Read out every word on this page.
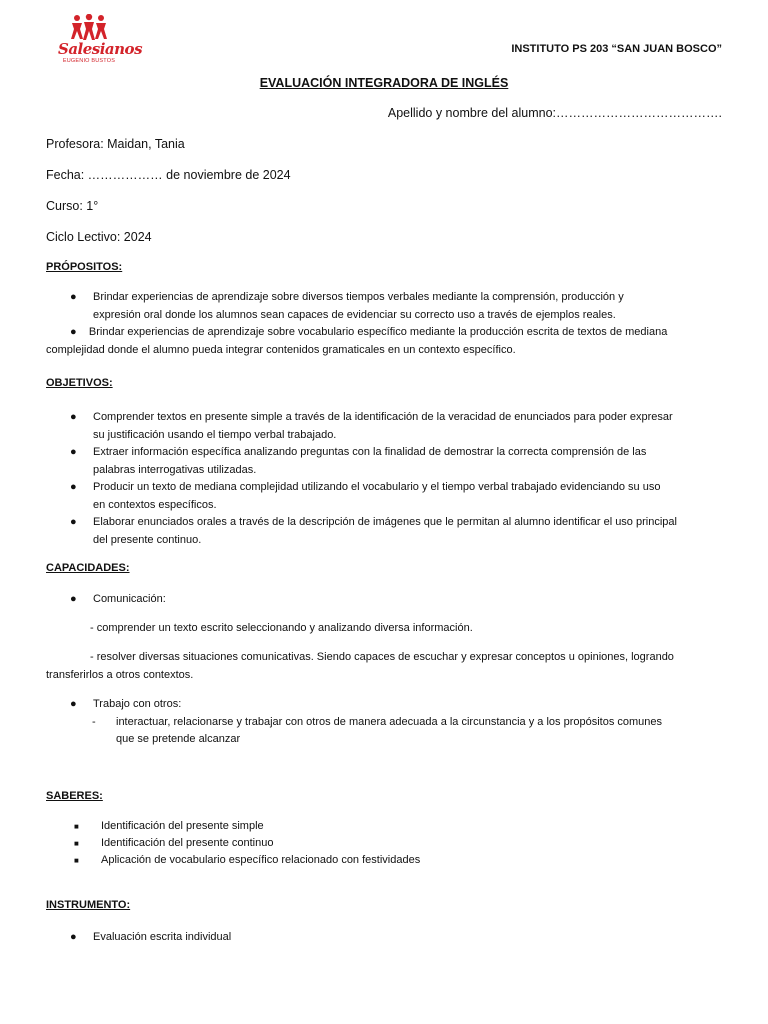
Salesianos
EUGENIO BUSTOS
INSTITUTO PS 203 “SAN JUAN BOSCO”
EVALUACIÓN INTEGRADORA DE INGLÉS
Apellido y nombre del alumno:………………………………….
Profesora: Maidan, Tania
Fecha: ……………… de noviembre de 2024
Curso: 1°
Ciclo Lectivo: 2024
PRÓPOSITOS:
● Brindar experiencias de aprendizaje sobre diversos tiempos verbales mediante la comprensión, producción y
expresión oral donde los alumnos sean capaces de evidenciar su correcto uso a través de ejemplos reales.
● Brindar experiencias de aprendizaje sobre vocabulario específico mediante la producción escrita de textos de mediana
complejidad donde el alumno pueda integrar contenidos gramaticales en un contexto específico.
OBJETIVOS:
● Comprender textos en presente simple a través de la identificación de la veracidad de enunciados para poder expresar
su justificación usando el tiempo verbal trabajado.
● Extraer información específica analizando preguntas con la finalidad de demostrar la correcta comprensión de las
palabras interrogativas utilizadas.
● Producir un texto de mediana complejidad utilizando el vocabulario y el tiempo verbal trabajado evidenciando su uso
en contextos específicos.
● Elaborar enunciados orales a través de la descripción de imágenes que le permitan al alumno identificar el uso principal
del presente continuo.
CAPACIDADES:
● Comunicación:
- comprender un texto escrito seleccionando y analizando diversa información.
- resolver diversas situaciones comunicativas. Siendo capaces de escuchar y expresar conceptos u opiniones, logrando
transferirlos a otros contextos.
● Trabajo con otros:
- interactuar, relacionarse y trabajar con otros de manera adecuada a la circunstancia y a los propósitos comunes
que se pretende alcanzar
SABERES:
■ Identificación del presente simple
■ Identificación del presente continuo
■ Aplicación de vocabulario específico relacionado con festividades
INSTRUMENTO:
● Evaluación escrita individual
